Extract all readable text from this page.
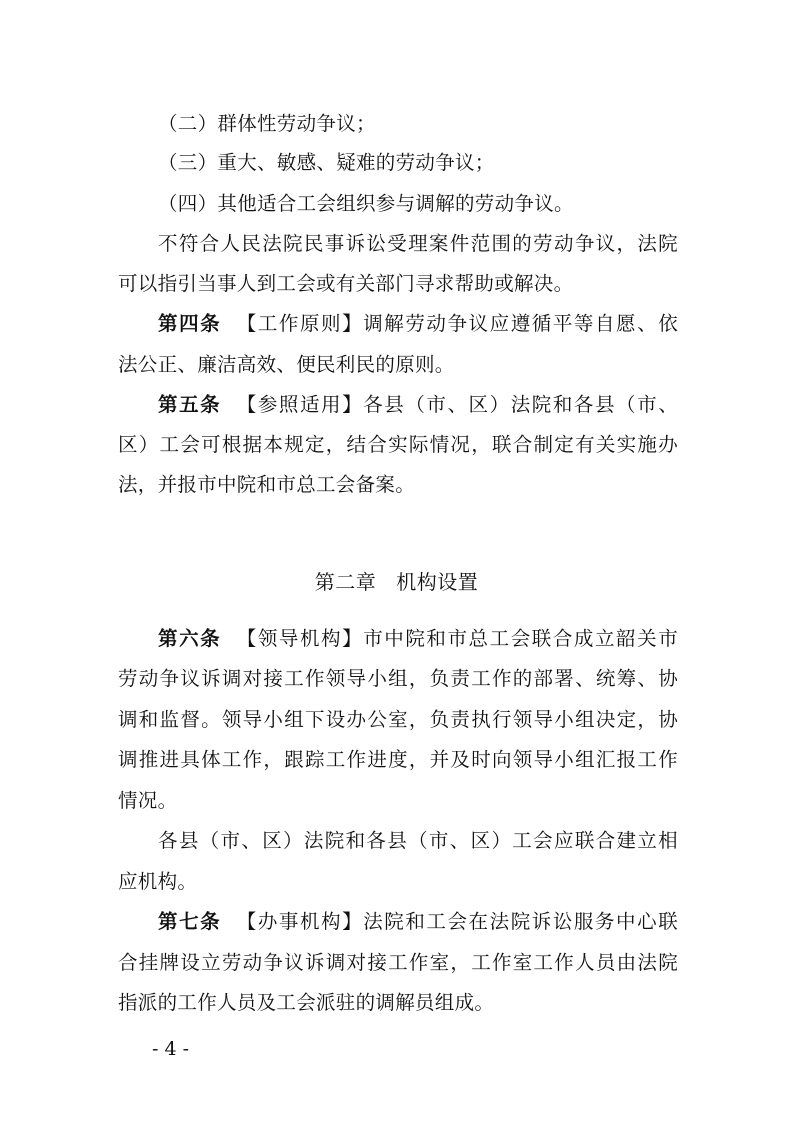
（二）群体性劳动争议；
（三）重大、敏感、疑难的劳动争议；
（四）其他适合工会组织参与调解的劳动争议。
不符合人民法院民事诉讼受理案件范围的劳动争议，法院
可以指引当事人到工会或有关部门寻求帮助或解决。
第四条 【工作原则】调解劳动争议应遵循平等自愿、依
法公正、廉洁高效、便民利民的原则。
第五条 【参照适用】各县（市、区）法院和各县（市、
区）工会可根据本规定，结合实际情况，联合制定有关实施办
法，并报市中院和市总工会备案。
第二章 机构设置
第六条 【领导机构】市中院和市总工会联合成立韶关市
劳动争议诉调对接工作领导小组，负责工作的部署、统筹、协
调和监督。领导小组下设办公室，负责执行领导小组决定，协
调推进具体工作，跟踪工作进度，并及时向领导小组汇报工作
情况。
各县（市、区）法院和各县（市、区）工会应联合建立相
应机构。
第七条 【办事机构】法院和工会在法院诉讼服务中心联
合挂牌设立劳动争议诉调对接工作室，工作室工作人员由法院
指派的工作人员及工会派驻的调解员组成。
- 4 -
